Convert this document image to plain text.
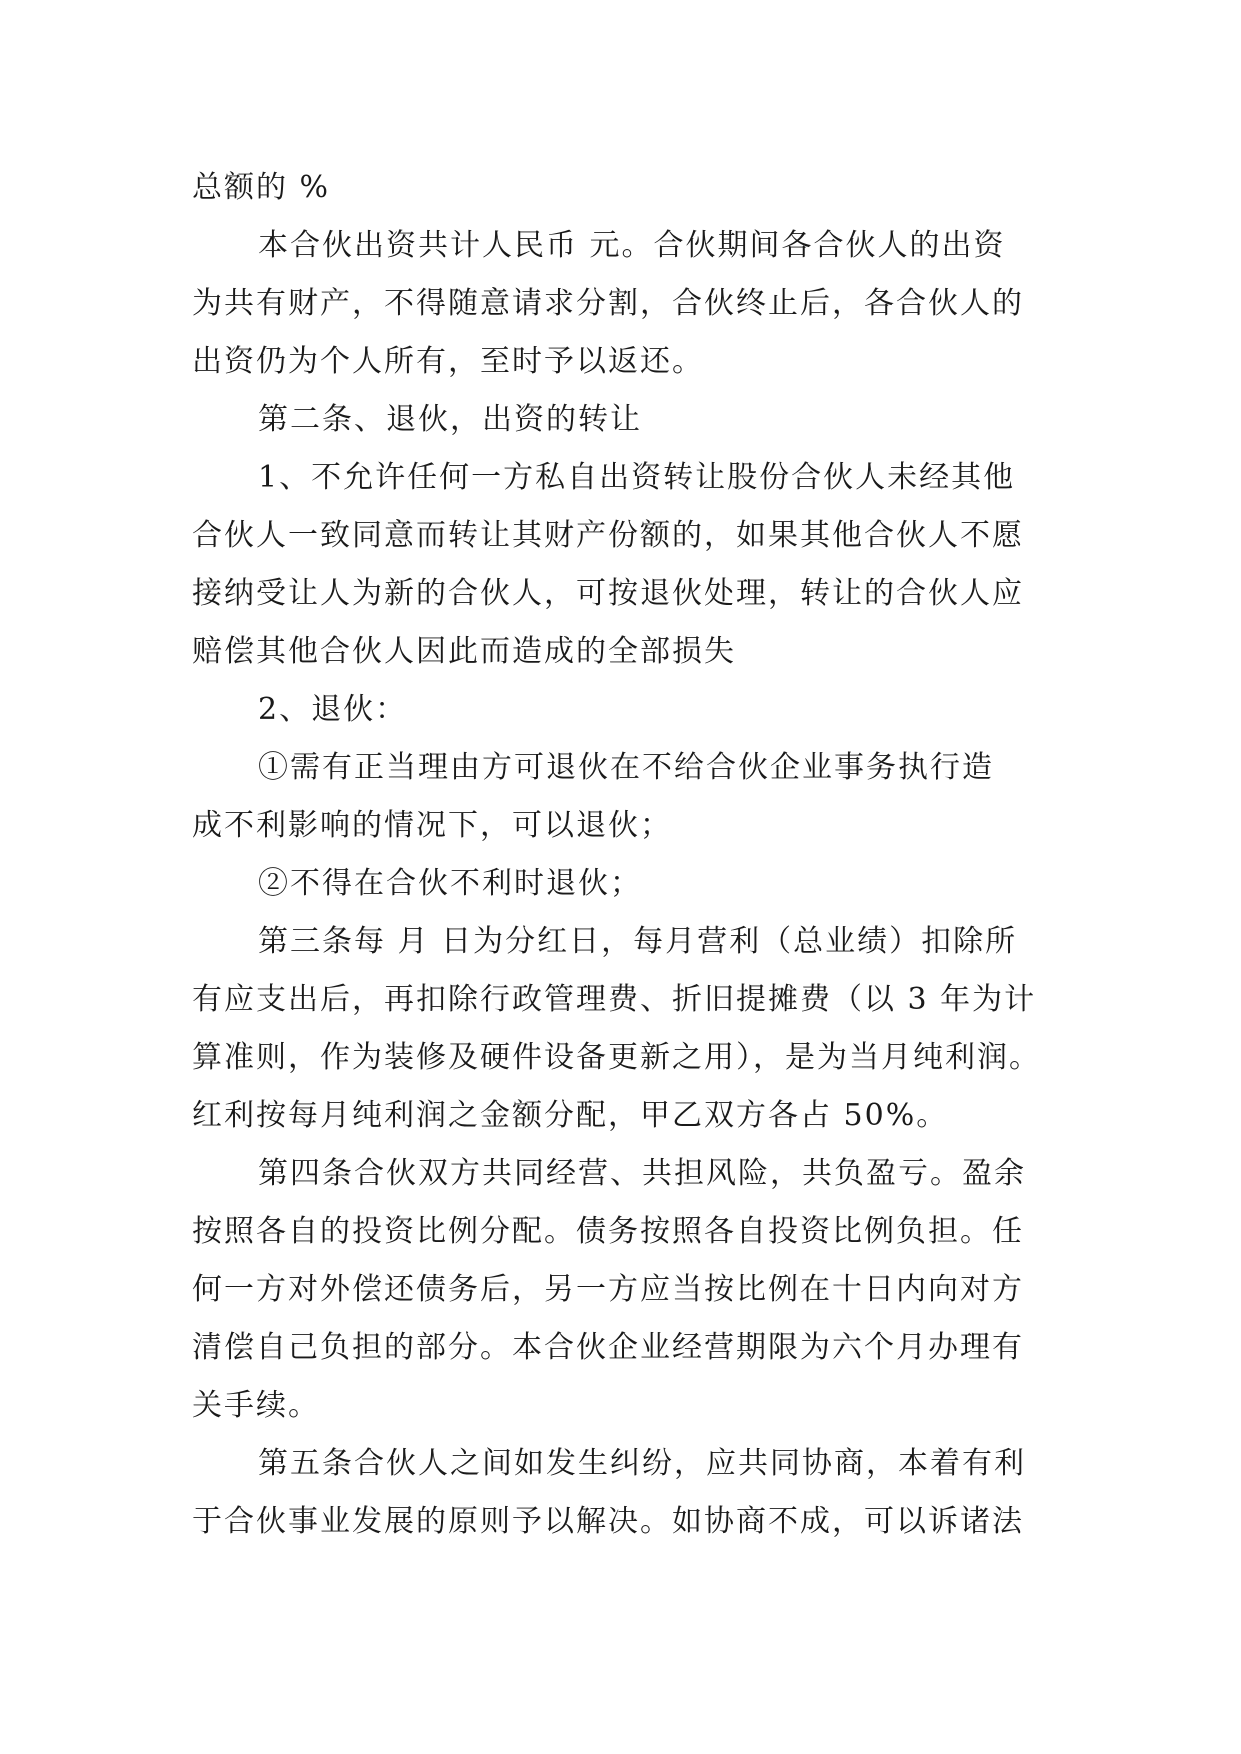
总额的 %
本合伙出资共计人民币 元。合伙期间各合伙人的出资
为共有财产，不得随意请求分割，合伙终止后，各合伙人的
出资仍为个人所有，至时予以返还。
第二条、退伙，出资的转让
1、不允许任何一方私自出资转让股份合伙人未经其他
合伙人一致同意而转让其财产份额的，如果其他合伙人不愿
接纳受让人为新的合伙人，可按退伙处理，转让的合伙人应
赔偿其他合伙人因此而造成的全部损失
2、退伙：
①需有正当理由方可退伙在不给合伙企业事务执行造
成不利影响的情况下，可以退伙；
②不得在合伙不利时退伙；
第三条每 月 日为分红日，每月营利（总业绩）扣除所
有应支出后，再扣除行政管理费、折旧提摊费（以 3 年为计
算准则，作为装修及硬件设备更新之用），是为当月纯利润。
红利按每月纯利润之金额分配，甲乙双方各占 50%。
第四条合伙双方共同经营、共担风险，共负盈亏。盈余
按照各自的投资比例分配。债务按照各自投资比例负担。任
何一方对外偿还债务后，另一方应当按比例在十日内向对方
清偿自己负担的部分。本合伙企业经营期限为六个月办理有
关手续。
第五条合伙人之间如发生纠纷，应共同协商，本着有利
于合伙事业发展的原则予以解决。如协商不成，可以诉诸法
